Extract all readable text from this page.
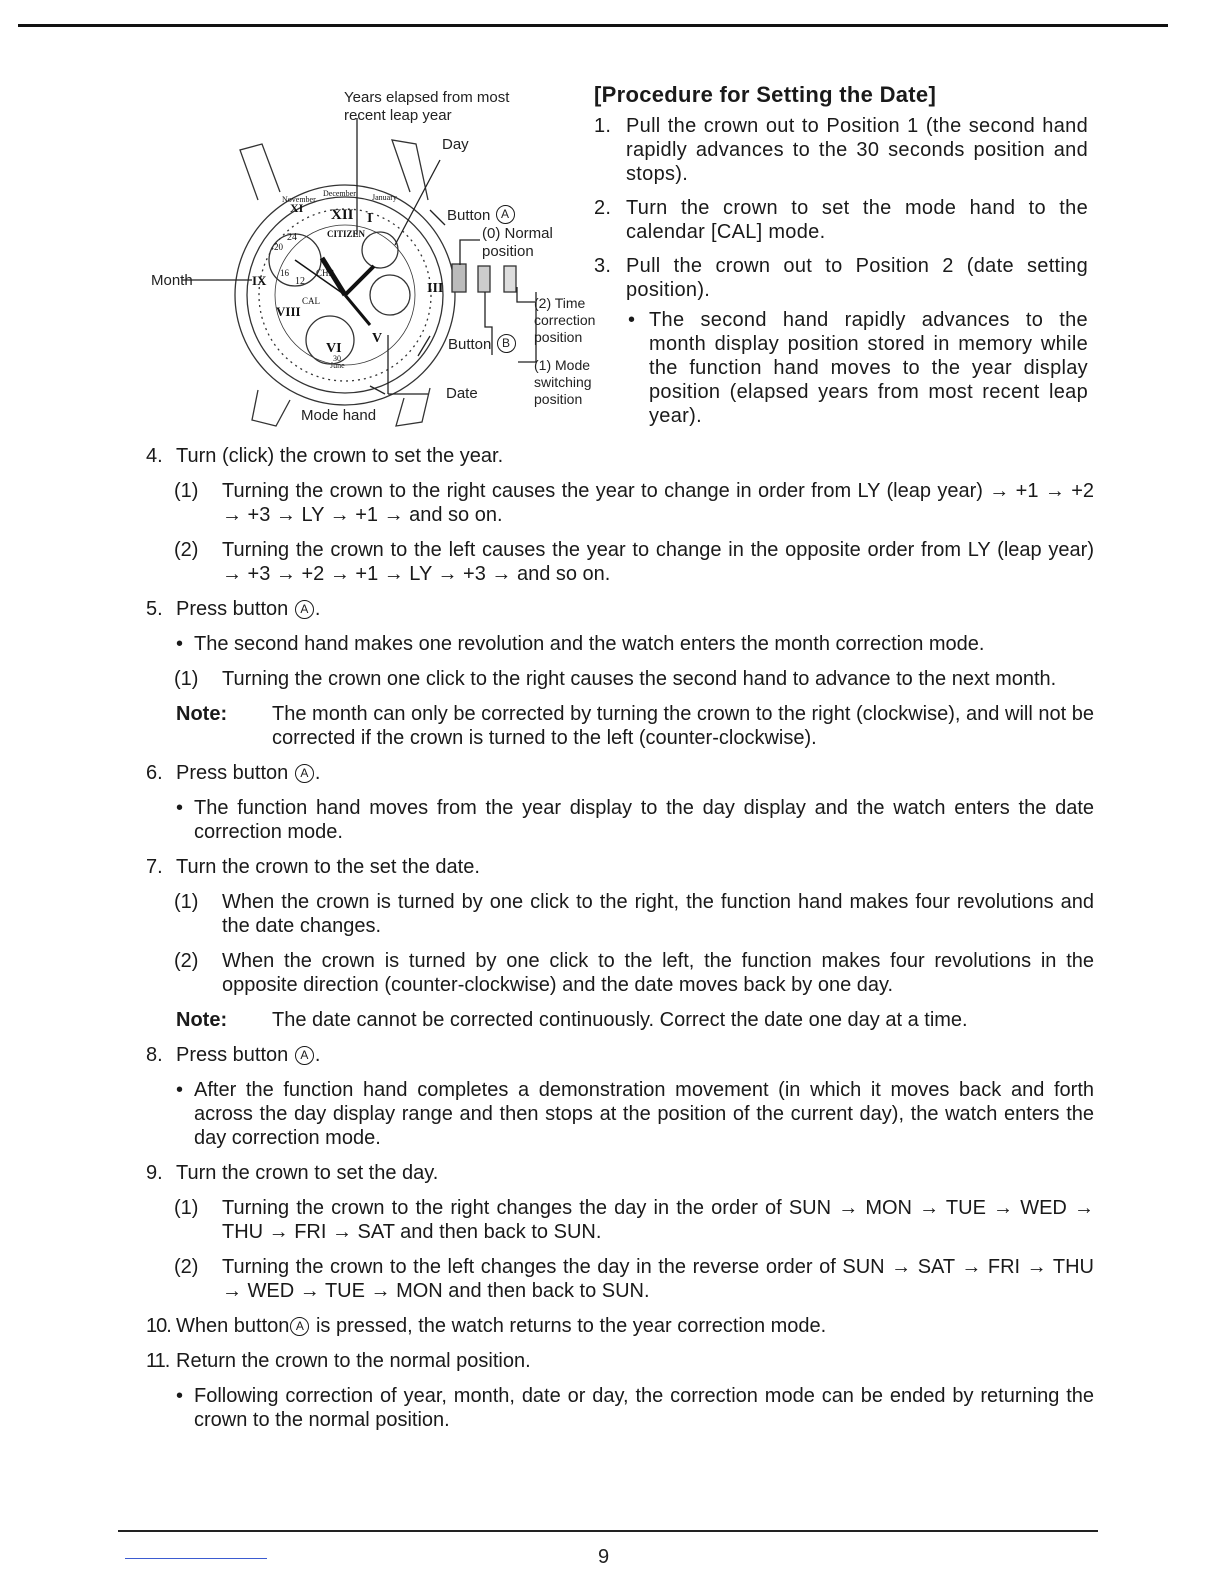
XII I
III
V
VI
VIII
IX
XI
CITIZEN
December January
November
June
CAL
CHR
24
20
16
12
30
Years elapsed from most
recent leap year
Day
Button A
(0) Normal
position
Month
(2) Time
correction
position
Button B
(1) Mode
switching
position
Date
Mode hand
[Procedure for Setting the Date]
1. Pull the crown out to Position 1 (the second hand rapidly advances to the 30 seconds position and stops).
2. Turn the crown to set the mode hand to the calendar [CAL] mode.
3. Pull the crown out to Position 2 (date setting position).
• The second hand rapidly advances to the month display position stored in memory while the function hand moves to the year display position (elapsed years from most recent leap year).
4. Turn (click) the crown to set the year.
(1) Turning the crown to the right causes the year to change in order from LY (leap year) → +1 → +2 → +3 → LY → +1 → and so on.
(2) Turning the crown to the left causes the year to change in the opposite order from LY (leap year) → +3 → +2 → +1 → LY → +3 → and so on.
5. Press button A .
• The second hand makes one revolution and the watch enters the month correction mode.
(1) Turning the crown one click to the right causes the second hand to advance to the next month.
Note: The month can only be corrected by turning the crown to the right (clockwise), and will not be corrected if the crown is turned to the left (counter-clockwise).
6. Press button A .
• The function hand moves from the year display to the day display and the watch enters the date correction mode.
7. Turn the crown to the set the date.
(1) When the crown is turned by one click to the right, the function hand makes four revolutions and the date changes.
(2) When the crown is turned by one click to the left, the function makes four revolutions in the opposite direction (counter-clockwise) and the date moves back by one day.
Note: The date cannot be corrected continuously. Correct the date one day at a time.
8. Press button A .
• After the function hand completes a demonstration movement (in which it moves back and forth across the day display range and then stops at the position of the current day), the watch enters the day correction mode.
9. Turn the crown to set the day.
(1) Turning the crown to the right changes the day in the order of SUN → MON → TUE → WED → THU → FRI → SAT and then back to SUN.
(2) Turning the crown to the left changes the day in the reverse order of SUN → SAT → FRI → THU → WED → TUE → MON and then back to SUN.
10. When button A is pressed, the watch returns to the year correction mode.
11. Return the crown to the normal position.
• Following correction of year, month, date or day, the correction mode can be ended by returning the crown to the normal position.
9
